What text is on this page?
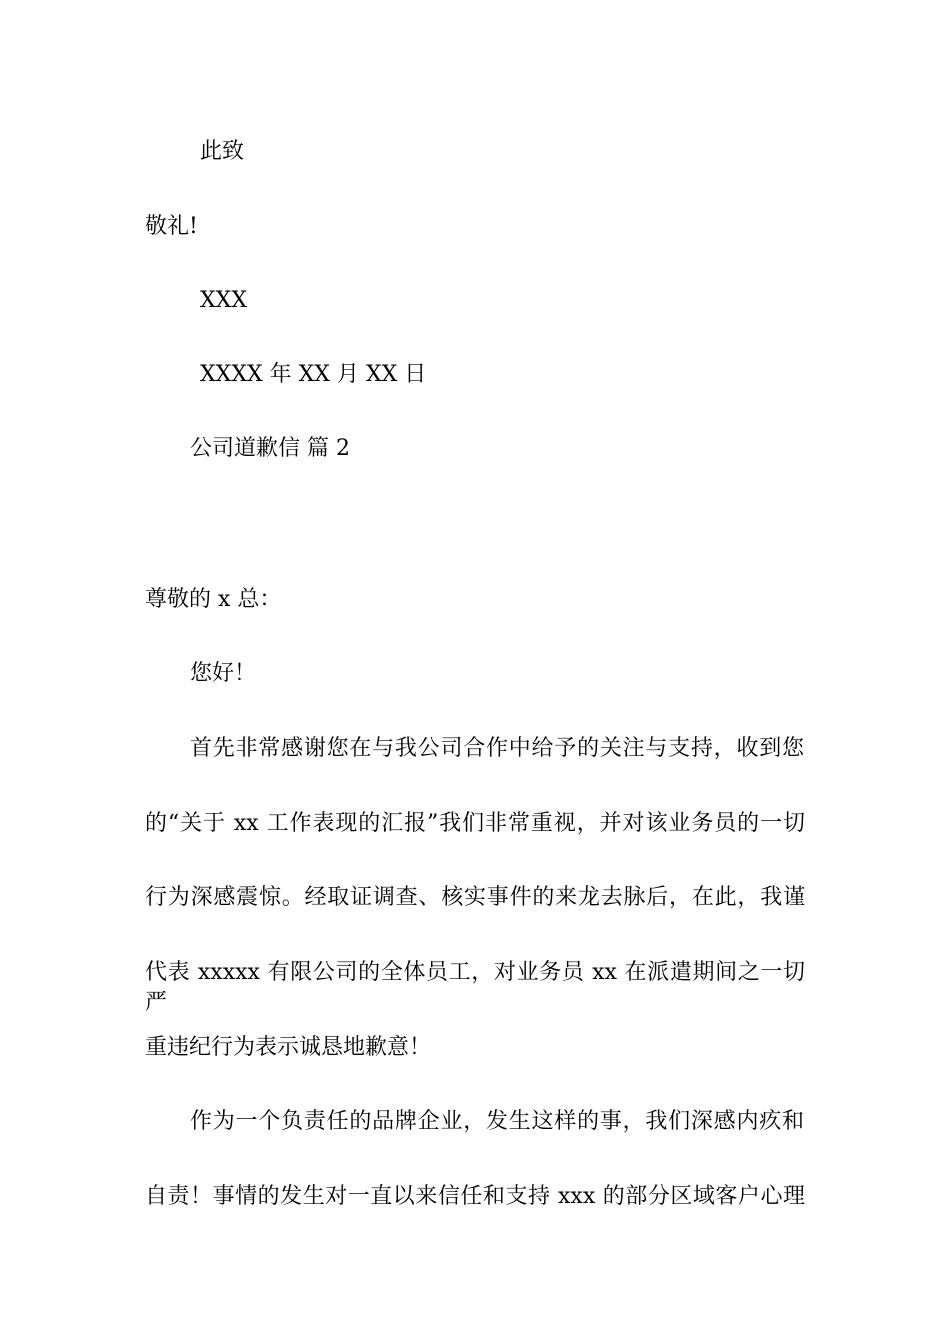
此致
敬礼!
XXX
XXXX 年 XX 月 XX 日
公司道歉信 篇 2
尊敬的 x 总：
您好！
首先非常感谢您在与我公司合作中给予的关注与支持，收到您
的“关于 xx 工作表现的汇报”我们非常重视，并对该业务员的一切
行为深感震惊。经取证调查、核实事件的来龙去脉后，在此，我谨
代表 xxxxx 有限公司的全体员工，对业务员 xx 在派遣期间之一切严
重违纪行为表示诚恳地歉意！
作为一个负责任的品牌企业，发生这样的事，我们深感内疚和
自责！事情的发生对一直以来信任和支持 xxx 的部分区域客户心理
